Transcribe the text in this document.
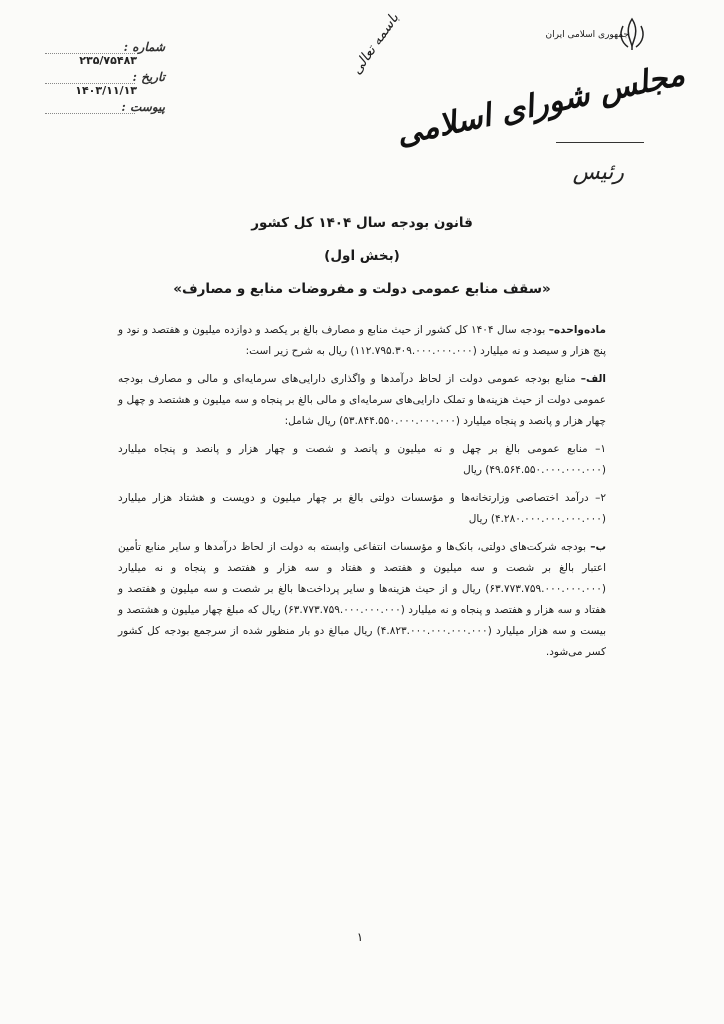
جمهوری اسلامی ایران
مجلس شورای اسلامی
رئیس
باسمه تعالی
شماره :
۲۳۵/۷۵۴۸۳
تاریخ :
۱۴۰۳/۱۱/۱۳
پیوست :
قانون بودجه سال ۱۴۰۴ کل کشور
(بخش اول)
«سقف منابع عمومی دولت و مفروضات منابع و مصارف»

ماده‌واحده– بودجه سال ۱۴۰۴ کل کشور از حیث منابع و مصارف بالغ بر یکصد و دوازده میلیون و هفتصد و نود و پنج هزار و سیصد و نه میلیارد (۱۱۲.۷۹۵.۳۰۹.۰۰۰.۰۰۰.۰۰۰) ریال به شرح زیر است:

الف– منابع بودجه عمومی دولت از لحاظ درآمدها و واگذاری دارایی‌های سرمایه‌ای و مالی و مصارف بودجه عمومی دولت از حیث هزینه‌ها و تملک دارایی‌های سرمایه‌ای و مالی بالغ بر پنجاه و سه میلیون و هشتصد و چهل و چهار هزار و پانصد و پنجاه میلیارد (۵۳.۸۴۴.۵۵۰.۰۰۰.۰۰۰.۰۰۰) ریال شامل:

۱– منابع عمومی بالغ بر چهل و نه میلیون و پانصد و شصت و چهار هزار و پانصد و پنجاه میلیارد (۴۹.۵۶۴.۵۵۰.۰۰۰.۰۰۰.۰۰۰) ریال

۲– درآمد اختصاصی وزارتخانه‌ها و مؤسسات دولتی بالغ بر چهار میلیون و دویست و هشتاد هزار میلیارد (۴.۲۸۰.۰۰۰.۰۰۰.۰۰۰.۰۰۰) ریال

ب– بودجه شرکت‌های دولتی، بانک‌ها و مؤسسات انتفاعی وابسته به دولت از لحاظ درآمدها و سایر منابع تأمین اعتبار بالغ بر شصت و سه میلیون و هفتصد و هفتاد و سه هزار و هفتصد و پنجاه و نه میلیارد (۶۳.۷۷۳.۷۵۹.۰۰۰.۰۰۰.۰۰۰) ریال و از حیث هزینه‌ها و سایر پرداخت‌ها بالغ بر شصت و سه میلیون و هفتصد و هفتاد و سه هزار و هفتصد و پنجاه و نه میلیارد (۶۳.۷۷۳.۷۵۹.۰۰۰.۰۰۰.۰۰۰) ریال که مبلغ چهار میلیون و هشتصد و بیست و سه هزار میلیارد (۴.۸۲۳.۰۰۰.۰۰۰.۰۰۰.۰۰۰) ریال مبالغ دو بار منظور شده از سرجمع بودجه کل کشور کسر می‌شود.

۱
